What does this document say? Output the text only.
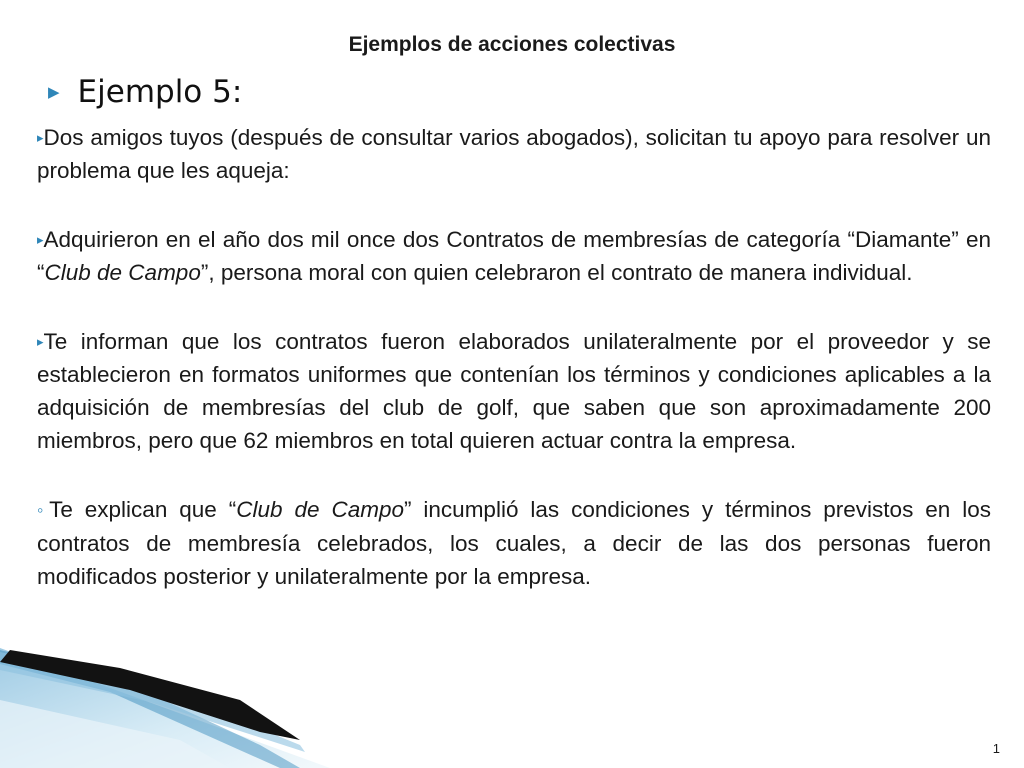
Ejemplos de acciones colectivas
▶ Ejemplo 5:

▸Dos amigos tuyos (después de consultar varios abogados), solicitan tu apoyo para resolver un problema que les aqueja:

▸Adquirieron en el año dos mil once dos Contratos de membresías de categoría “Diamante” en “Club de Campo”, persona moral con quien celebraron el contrato de manera individual.

▸Te informan que los contratos fueron elaborados unilateralmente por el proveedor y se establecieron en formatos uniformes que contenían los términos y condiciones aplicables a la adquisición de membresías del club de golf, que saben que son aproximadamente 200 miembros, pero que 62 miembros en total quieren actuar contra la empresa.

◦Te explican que “Club de Campo” incumplió las condiciones y términos previstos en los contratos de membresía celebrados, los cuales, a decir de las dos personas fueron modificados posterior y unilateralmente por la empresa.

1
